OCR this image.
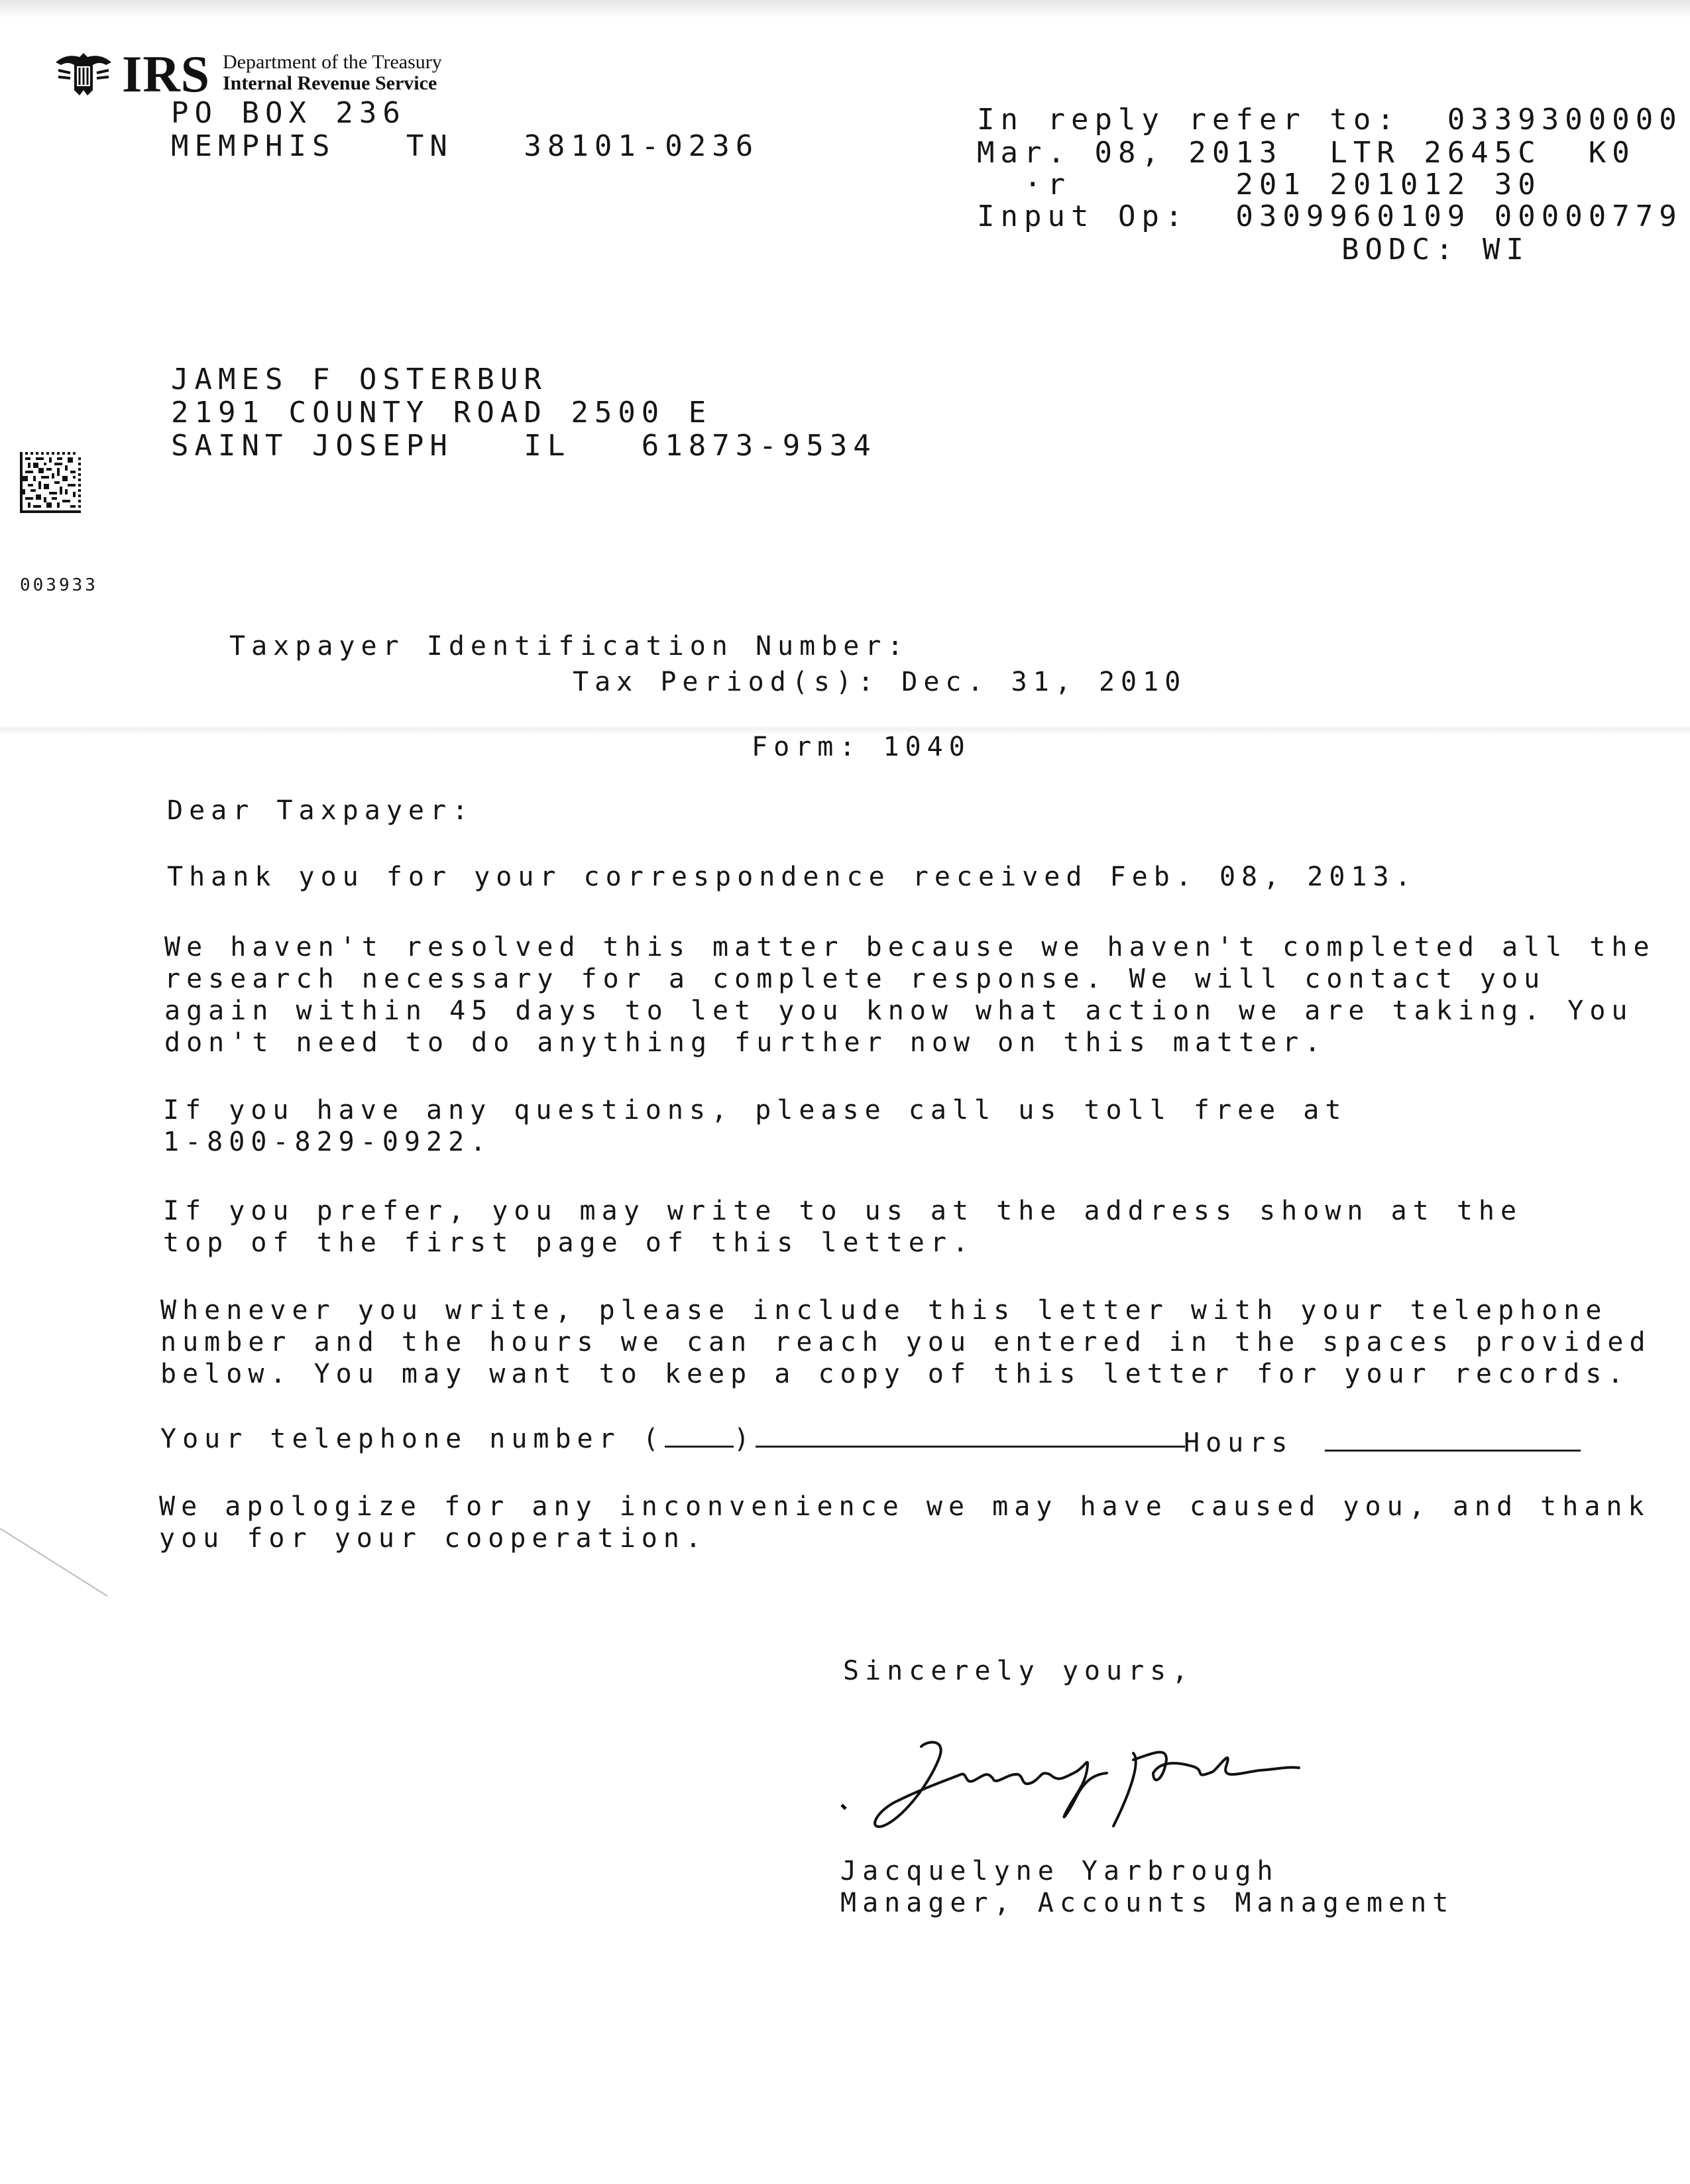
IRS Department of the Treasury
Internal Revenue Service
PO BOX 236
MEMPHIS   TN   38101-0236
In reply refer to:  0339300000
Mar. 08, 2013  LTR 2645C  K0
·r       201 201012 30
Input Op:  0309960109 00000779
BODC: WI
JAMES F OSTERBUR
2191 COUNTY ROAD 2500 E
SAINT JOSEPH   IL   61873-9534
003933
Taxpayer Identification Number:
Tax Period(s): Dec. 31, 2010
Form: 1040
Dear Taxpayer:
Thank you for your correspondence received Feb. 08, 2013.
We haven't resolved this matter because we haven't completed all the
research necessary for a complete response. We will contact you
again within 45 days to let you know what action we are taking. You
don't need to do anything further now on this matter.
If you have any questions, please call us toll free at
1-800-829-0922.
If you prefer, you may write to us at the address shown at the
top of the first page of this letter.
Whenever you write, please include this letter with your telephone
number and the hours we can reach you entered in the spaces provided
below. You may want to keep a copy of this letter for your records.
Your telephone number (	)	Hours
We apologize for any inconvenience we may have caused you, and thank
you for your cooperation.
Sincerely yours,
Jacquelyne Yarbrough
Manager, Accounts Management
